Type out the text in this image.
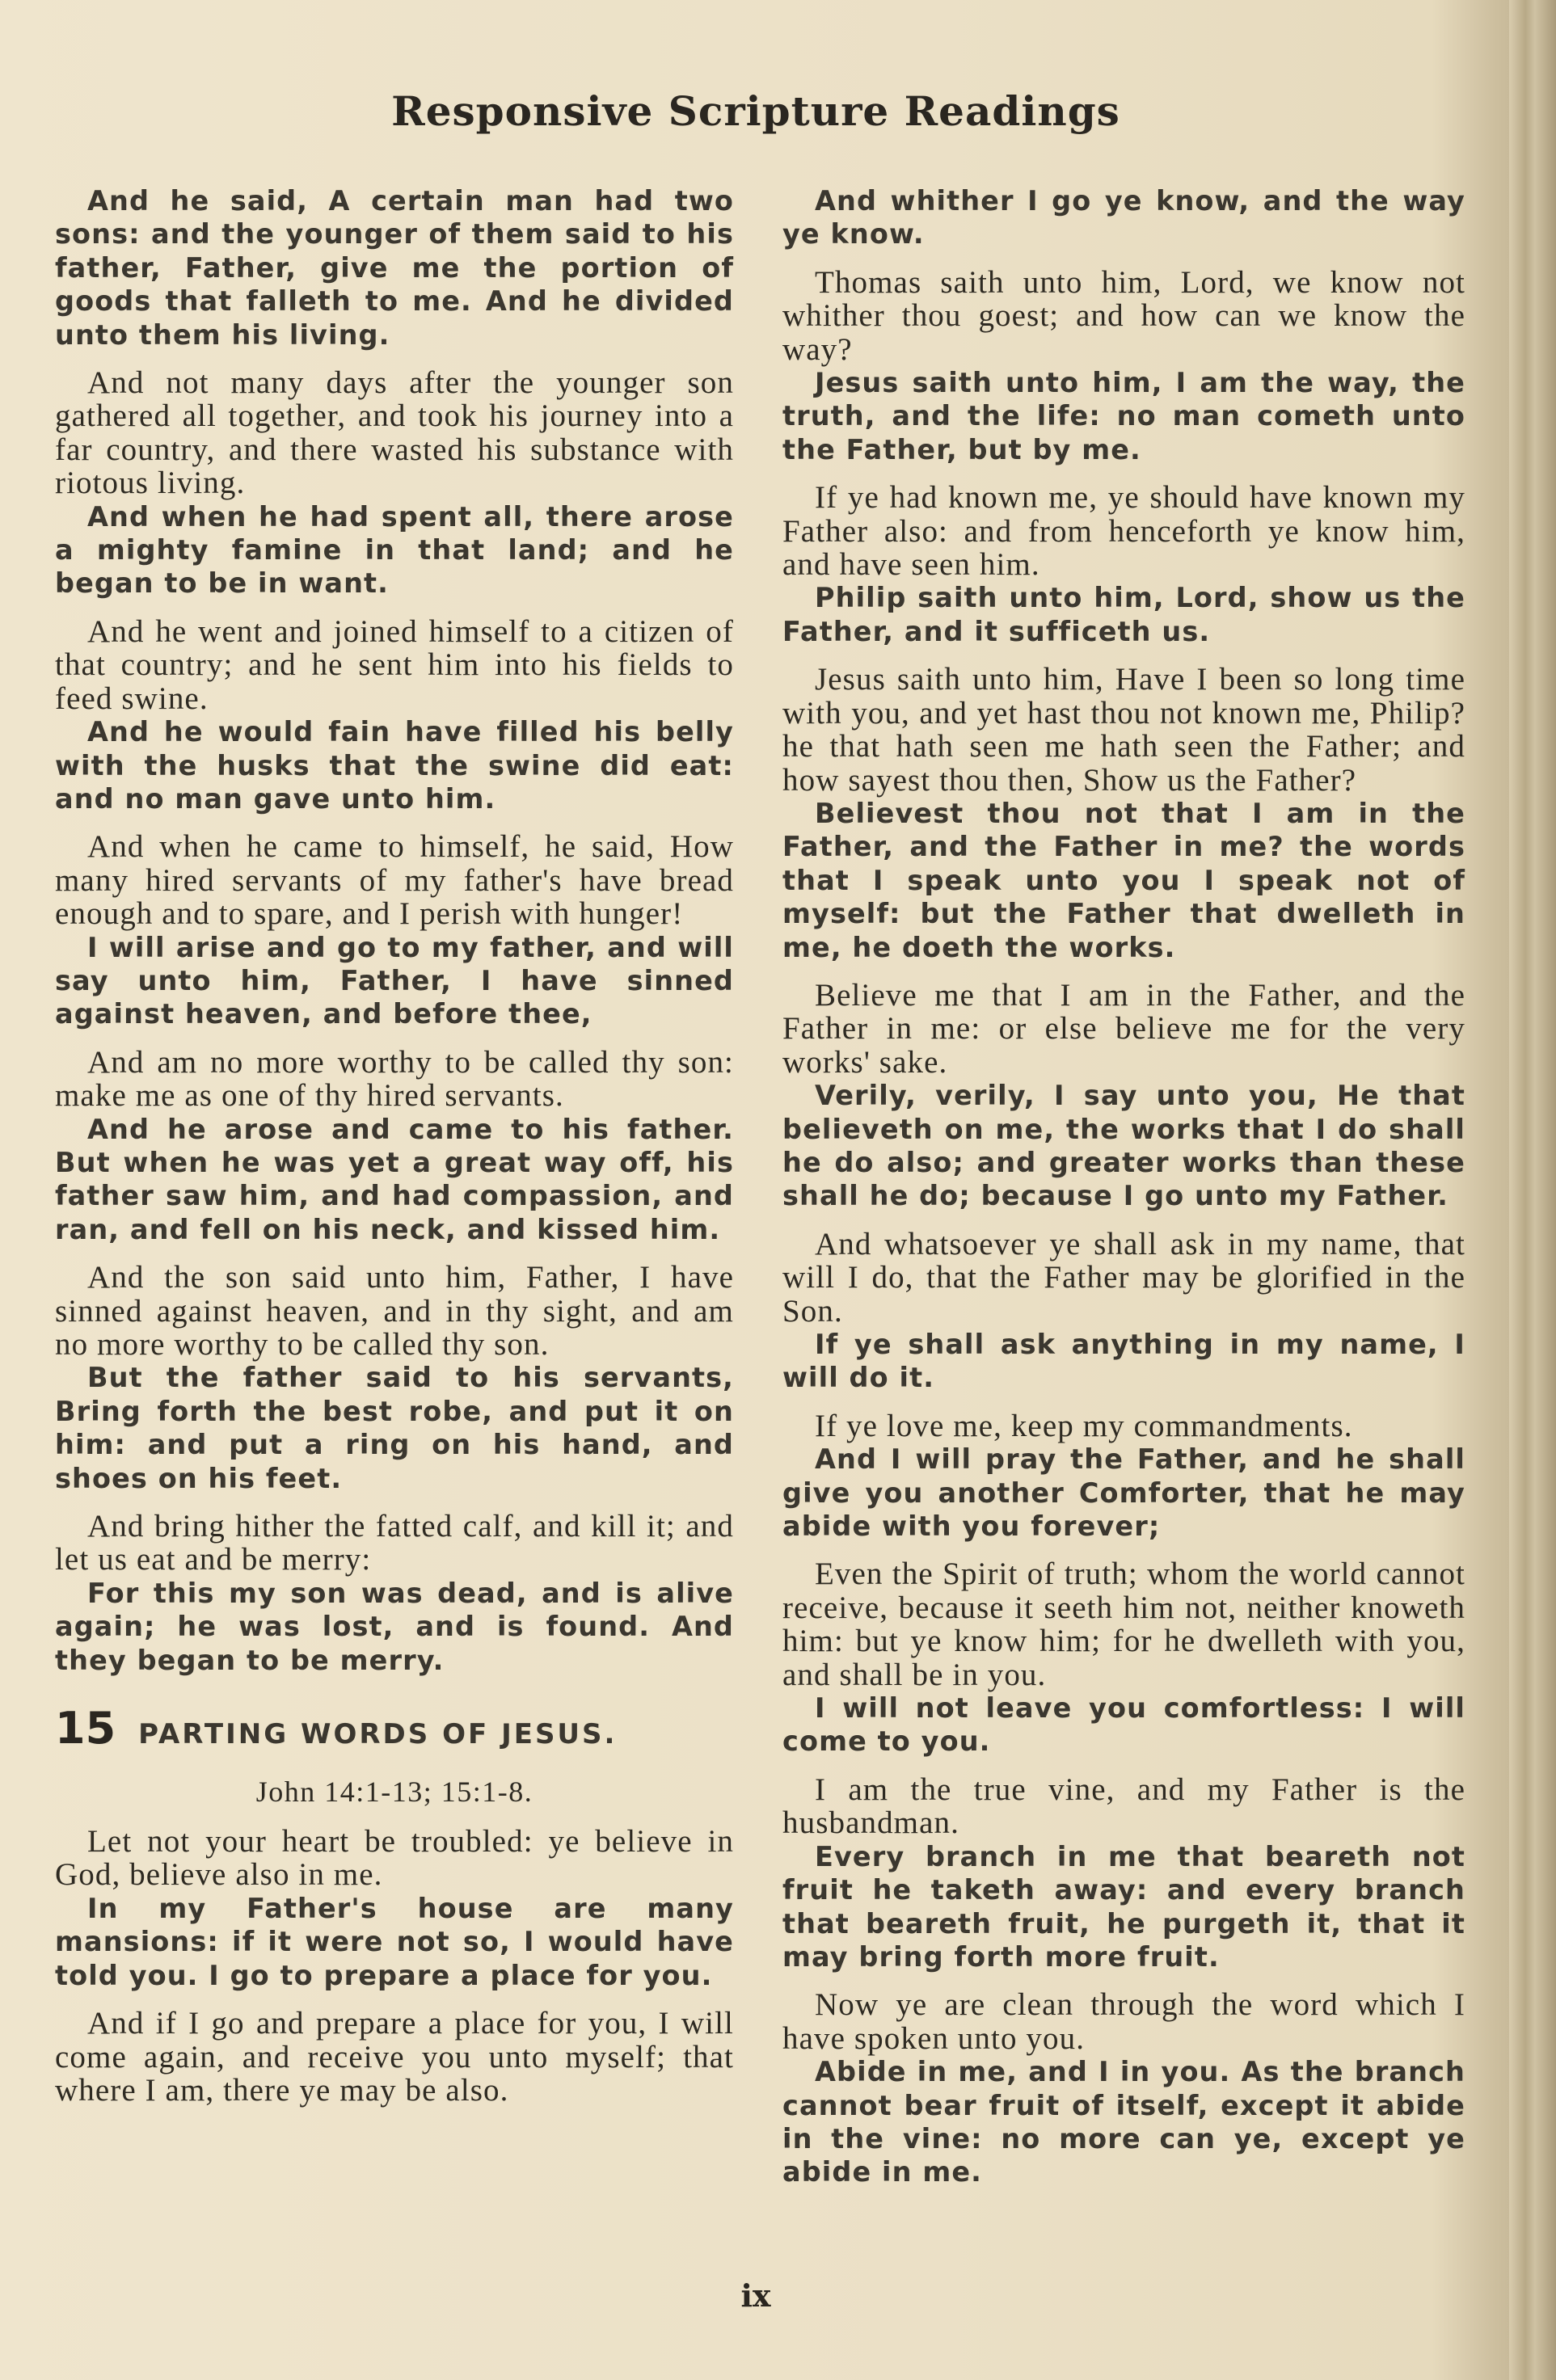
Responsive Scripture Readings

And he said, A certain man had two sons: and the younger of them said to his father, Father, give me the portion of goods that falleth to me. And he divided unto them his living.

And not many days after the younger son gathered all together, and took his journey into a far country, and there wasted his substance with riotous living.

And when he had spent all, there arose a mighty famine in that land; and he began to be in want.

And he went and joined himself to a citizen of that country; and he sent him into his fields to feed swine.

And he would fain have filled his belly with the husks that the swine did eat: and no man gave unto him.

And when he came to himself, he said, How many hired servants of my father's have bread enough and to spare, and I perish with hunger!

I will arise and go to my father, and will say unto him, Father, I have sinned against heaven, and before thee,

And am no more worthy to be called thy son: make me as one of thy hired servants.

And he arose and came to his father. But when he was yet a great way off, his father saw him, and had compassion, and ran, and fell on his neck, and kissed him.

And the son said unto him, Father, I have sinned against heaven, and in thy sight, and am no more worthy to be called thy son.

But the father said to his servants, Bring forth the best robe, and put it on him: and put a ring on his hand, and shoes on his feet.

And bring hither the fatted calf, and kill it; and let us eat and be merry:

For this my son was dead, and is alive again; he was lost, and is found. And they began to be merry.

15 PARTING WORDS OF JESUS.
John 14:1-13; 15:1-8.

Let not your heart be troubled: ye believe in God, believe also in me.

In my Father's house are many mansions: if it were not so, I would have told you. I go to prepare a place for you.

And if I go and prepare a place for you, I will come again, and receive you unto myself; that where I am, there ye may be also.

And whither I go ye know, and the way ye know.

Thomas saith unto him, Lord, we know not whither thou goest; and how can we know the way?

Jesus saith unto him, I am the way, the truth, and the life: no man cometh unto the Father, but by me.

If ye had known me, ye should have known my Father also: and from henceforth ye know him, and have seen him.

Philip saith unto him, Lord, show us the Father, and it sufficeth us.

Jesus saith unto him, Have I been so long time with you, and yet hast thou not known me, Philip? he that hath seen me hath seen the Father; and how sayest thou then, Show us the Father?

Believest thou not that I am in the Father, and the Father in me? the words that I speak unto you I speak not of myself: but the Father that dwelleth in me, he doeth the works.

Believe me that I am in the Father, and the Father in me: or else believe me for the very works' sake.

Verily, verily, I say unto you, He that believeth on me, the works that I do shall he do also; and greater works than these shall he do; because I go unto my Father.

And whatsoever ye shall ask in my name, that will I do, that the Father may be glorified in the Son.

If ye shall ask anything in my name, I will do it.

If ye love me, keep my commandments.

And I will pray the Father, and he shall give you another Comforter, that he may abide with you forever;

Even the Spirit of truth; whom the world cannot receive, because it seeth him not, neither knoweth him: but ye know him; for he dwelleth with you, and shall be in you.

I will not leave you comfortless: I will come to you.

I am the true vine, and my Father is the husbandman.

Every branch in me that beareth not fruit he taketh away: and every branch that beareth fruit, he purgeth it, that it may bring forth more fruit.

Now ye are clean through the word which I have spoken unto you.

Abide in me, and I in you. As the branch cannot bear fruit of itself, except it abide in the vine: no more can ye, except ye abide in me.

ix
